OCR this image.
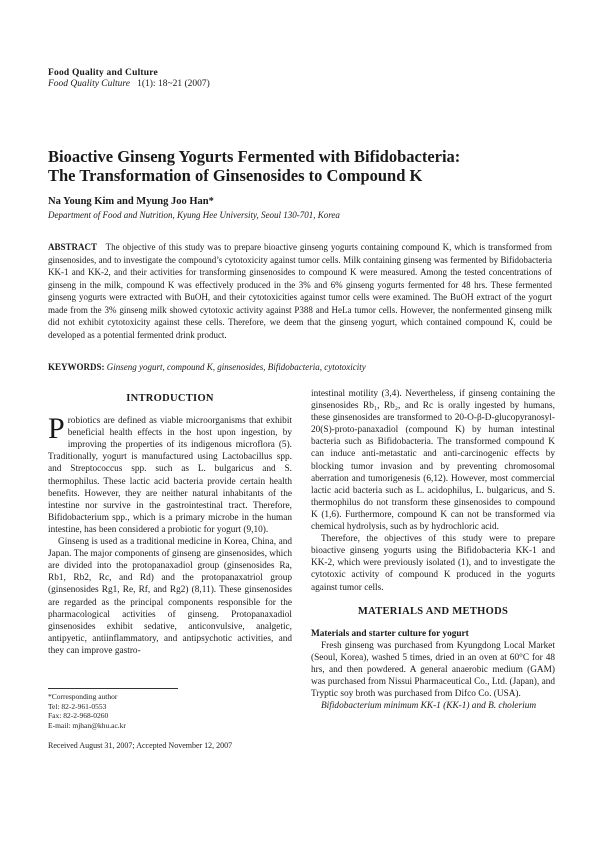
Food Quality and Culture
Food Quality Culture 1(1): 18~21 (2007)
Bioactive Ginseng Yogurts Fermented with Bifidobacteria:
The Transformation of Ginsenosides to Compound K
Na Young Kim and Myung Joo Han*
Department of Food and Nutrition, Kyung Hee University, Seoul 130-701, Korea

ABSTRACT The objective of this study was to prepare bioactive ginseng yogurts containing compound K, which is transformed from ginsenosides, and to investigate the compound’s cytotoxicity against tumor cells. Milk containing ginseng was fermented by Bifidobacteria KK-1 and KK-2, and their activities for transforming ginsenosides to compound K were measured. Among the tested concentrations of ginseng in the milk, compound K was effectively produced in the 3% and 6% ginseng yogurts fermented for 48 hrs. These fermented ginseng yogurts were extracted with BuOH, and their cytotoxicities against tumor cells were examined. The BuOH extract of the yogurt made from the 3% ginseng milk showed cytotoxic activity against P388 and HeLa tumor cells. However, the nonfermented ginseng milk did not exhibit cytotoxicity against these cells. Therefore, we deem that the ginseng yogurt, which contained compound K, could be developed as a potential fermented drink product.

KEYWORDS: Ginseng yogurt, compound K, ginsenosides, Bifidobacteria, cytotoxicity
INTRODUCTION

Probiotics are defined as viable microorganisms that exhibit beneficial health effects in the host upon ingestion, by improving the properties of its indigenous microflora (5). Traditionally, yogurt is manufactured using Lactobacillus spp. and Streptococcus spp. such as L. bulgaricus and S. thermophilus. These lactic acid bacteria provide certain health benefits. However, they are neither natural inhabitants of the intestine nor survive in the gastrointestinal tract. Therefore, Bifidobacterium spp., which is a primary microbe in the human intestine, has been considered a probiotic for yogurt (9,10).

Ginseng is used as a traditional medicine in Korea, China, and Japan. The major components of ginseng are ginsenosides, which are divided into the protopanaxadiol group (ginsenosides Ra, Rb1, Rb2, Rc, and Rd) and the protopanaxatriol group (ginsenosides Rg1, Re, Rf, and Rg2) (8,11). These ginsenosides are regarded as the principal components responsible for the pharmacological activities of ginseng. Protopanaxadiol ginsenosides exhibit sedative, anticonvulsive, analgetic, antipyetic, antiinflammatory, and antipsychotic activities, and they can improve gastro-

intestinal motility (3,4). Nevertheless, if ginseng containing the ginsenosides Rb₁, Rb₂, and Rc is orally ingested by humans, these ginsenosides are transformed to 20-O-β-D-glucopyranosyl-20(S)-proto-panaxadiol (compound K) by human intestinal bacteria such as Bifidobacteria. The transformed compound K can induce anti-metastatic and anti-carcinogenic effects by blocking tumor invasion and by preventing chromosomal aberration and tumorigenesis (6,12). However, most commercial lactic acid bacteria such as L. acidophilus, L. bulgaricus, and S. thermophilus do not transform these ginsenosides to compound K (1,6). Furthermore, compound K can not be transformed via chemical hydrolysis, such as by hydrochloric acid.

Therefore, the objectives of this study were to prepare bioactive ginseng yogurts using the Bifidobacteria KK-1 and KK-2, which were previously isolated (1), and to investigate the cytotoxic activity of compound K produced in the yogurts against tumor cells.

MATERIALS AND METHODS

Materials and starter culture for yogurt

Fresh ginseng was purchased from Kyungdong Local Market (Seoul, Korea), washed 5 times, dried in an oven at 60°C for 48 hrs, and then powdered. A general anaerobic medium (GAM) was purchased from Nissui Pharmaceutical Co., Ltd. (Japan), and Tryptic soy broth was purchased from Difco Co. (USA).

Bifidobacterium minimum KK-1 (KK-1) and B. cholerium

*Corresponding author
Tel: 82-2-961-0553
Fax: 82-2-968-0260
E-mail: mjhan@khu.ac.kr
Received August 31, 2007; Accepted November 12, 2007
